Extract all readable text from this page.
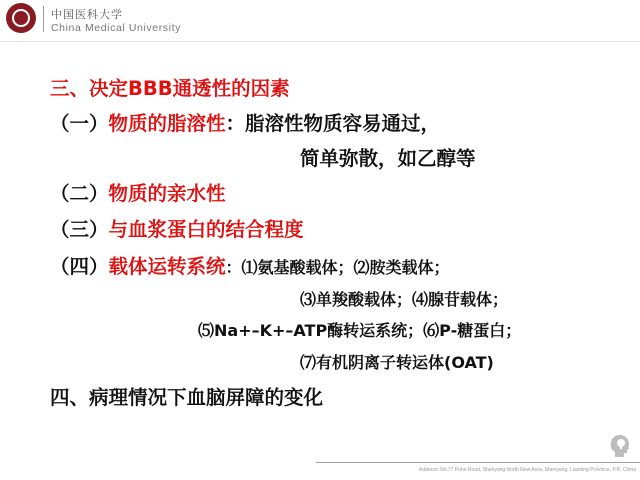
中国医科大学
China Medical University
三、决定BBB通透性的因素
（一）物质的脂溶性：脂溶性物质容易通过，
简单弥散，如乙醇等
（二）物质的亲水性
（三）与血浆蛋白的结合程度
（四）载体运转系统：⑴氨基酸载体；⑵胺类载体；
⑶单羧酸载体；⑷腺苷载体；
⑸Na+–K+–ATP酶转运系统；⑹P-糖蛋白；
⑺有机阴离子转运体(OAT)
四、病理情况下血脑屏障的变化
Address: No.77 Puhe Road, Shenyang North New Area, Shenyang, Liaoning Province, P.R. China
